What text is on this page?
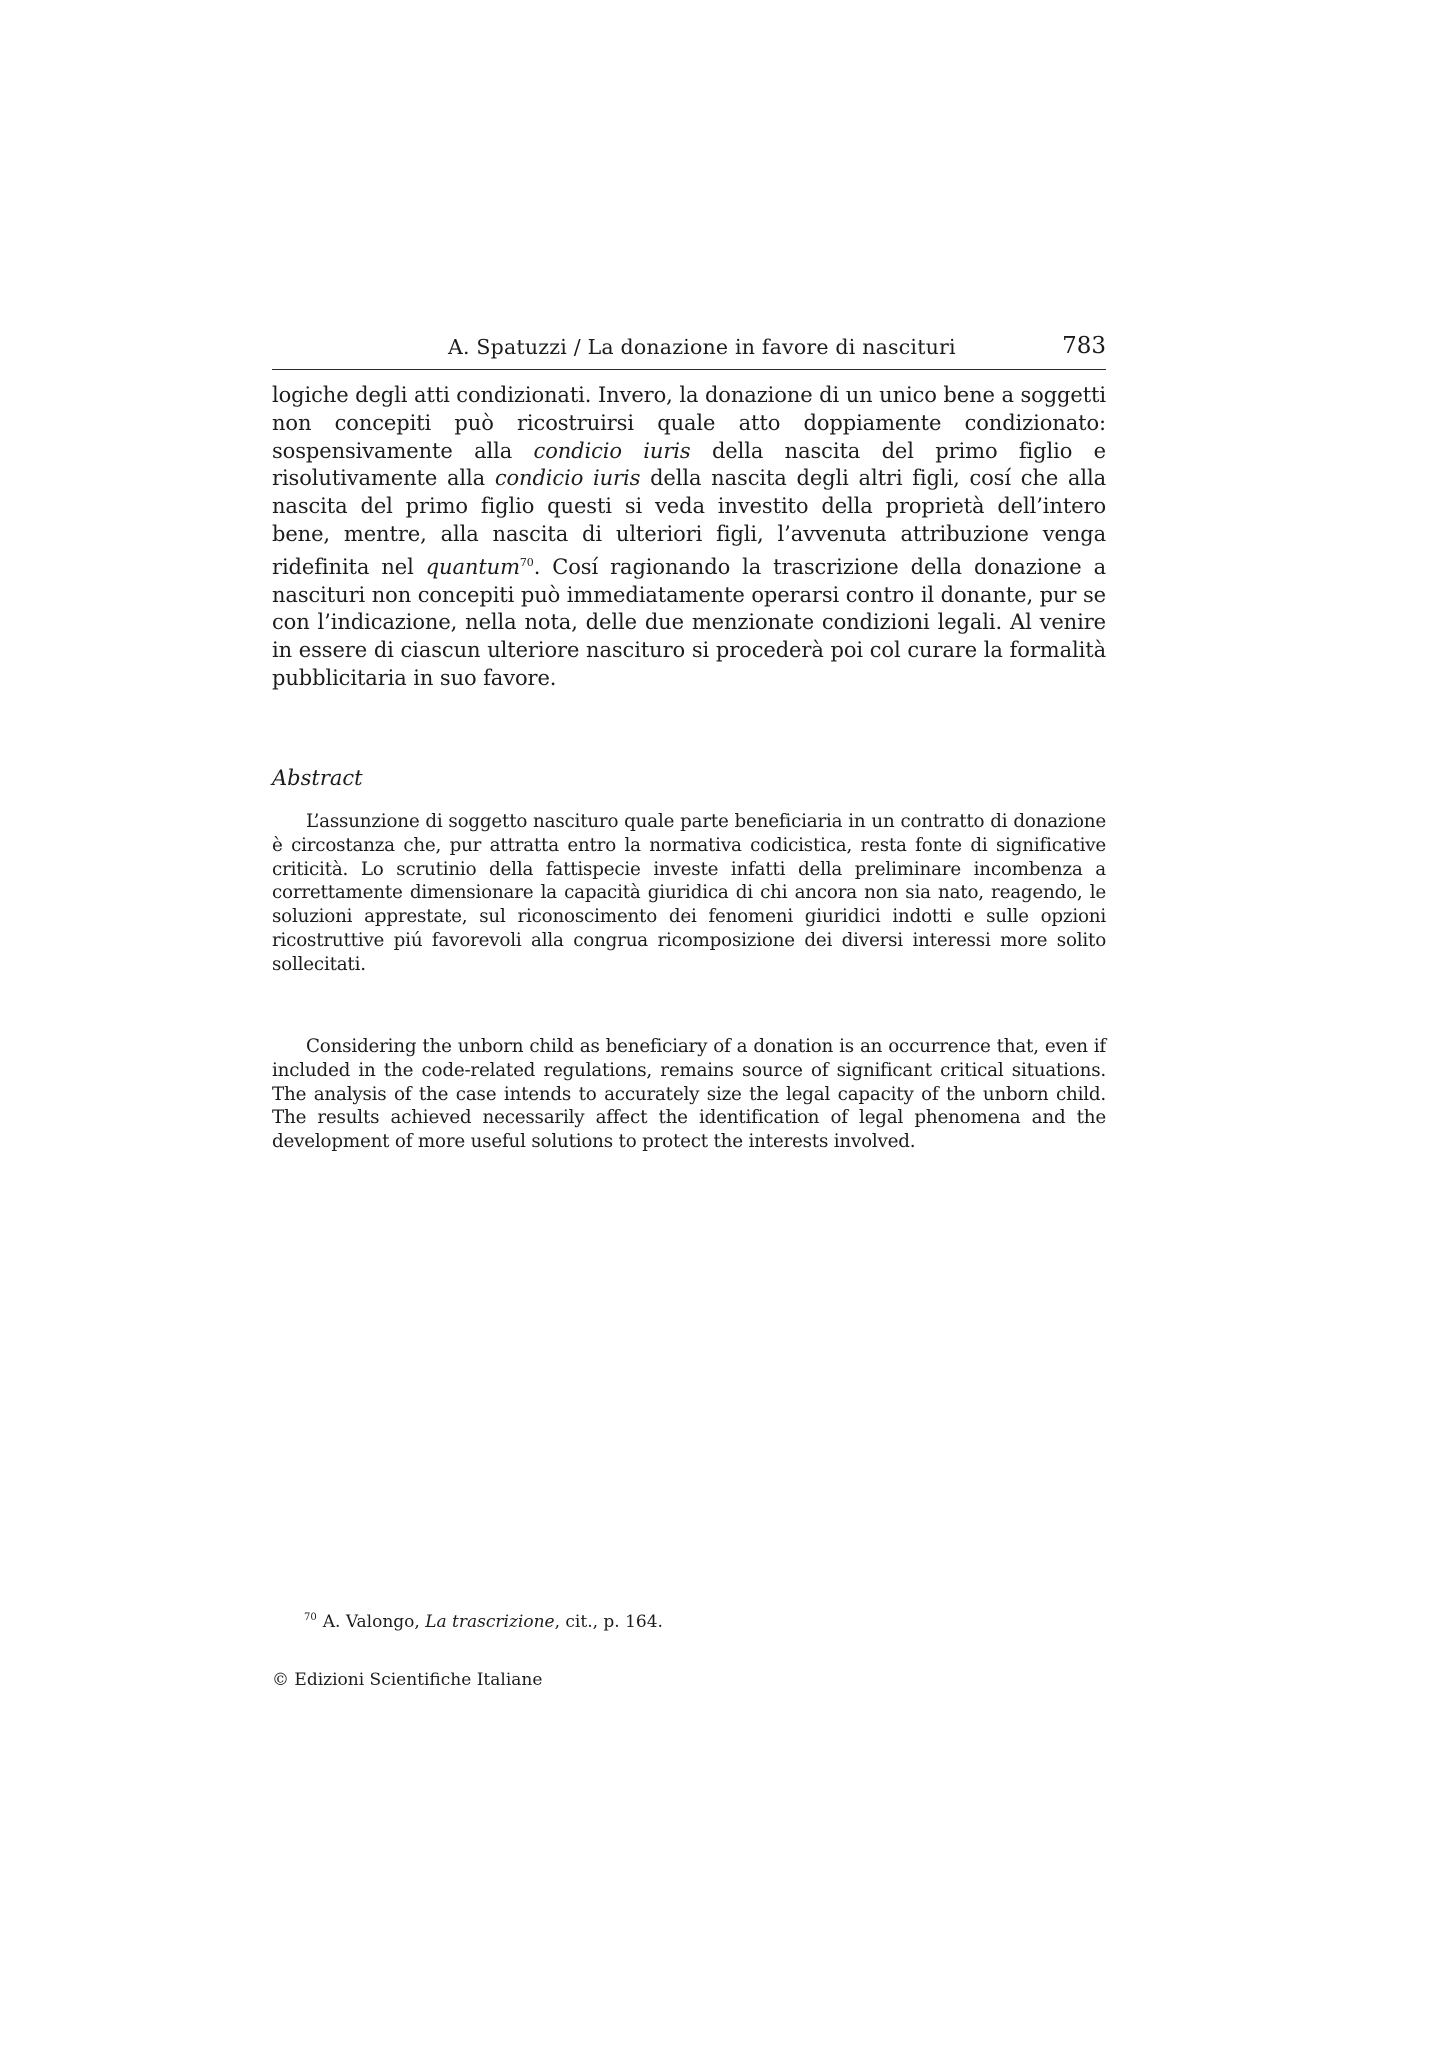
A. Spatuzzi / La donazione in favore di nascituri	783

logiche degli atti condizionati. Invero, la donazione di un unico bene a soggetti non concepiti può ricostruirsi quale atto doppiamente condizionato: sospensivamente alla condicio iuris della nascita del primo figlio e risolutivamente alla condicio iuris della nascita degli altri figli, cosí che alla nascita del primo figlio questi si veda investito della proprietà dell’intero bene, mentre, alla nascita di ulteriori figli, l’avvenuta attribuzione venga ridefinita nel quantum$^{70}$. Cosí ragionando la trascrizione della donazione a nascituri non concepiti può immediatamente operarsi contro il donante, pur se con l’indicazione, nella nota, delle due menzionate condizioni legali. Al venire in essere di ciascun ulteriore nascituro si procederà poi col curare la formalità pubblicitaria in suo favore.

Abstract

L’assunzione di soggetto nascituro quale parte beneficiaria in un contratto di donazione è circostanza che, pur attratta entro la normativa codicistica, resta fonte di significative criticità. Lo scrutinio della fattispecie investe infatti della preliminare incombenza a correttamente dimensionare la capacità giuridica di chi ancora non sia nato, reagendo, le soluzioni apprestate, sul riconoscimento dei fenomeni giuridici indotti e sulle opzioni ricostruttive piú favorevoli alla congrua ricomposizione dei diversi interessi more solito sollecitati.

Considering the unborn child as beneficiary of a donation is an occurrence that, even if included in the code-related regulations, remains source of significant critical situations. The analysis of the case intends to accurately size the legal capacity of the unborn child. The results achieved necessarily affect the identification of legal phenomena and the development of more useful solutions to protect the interests involved.

$^{70}$ A. Valongo, La trascrizione, cit., p. 164.

© Edizioni Scientifiche Italiane
